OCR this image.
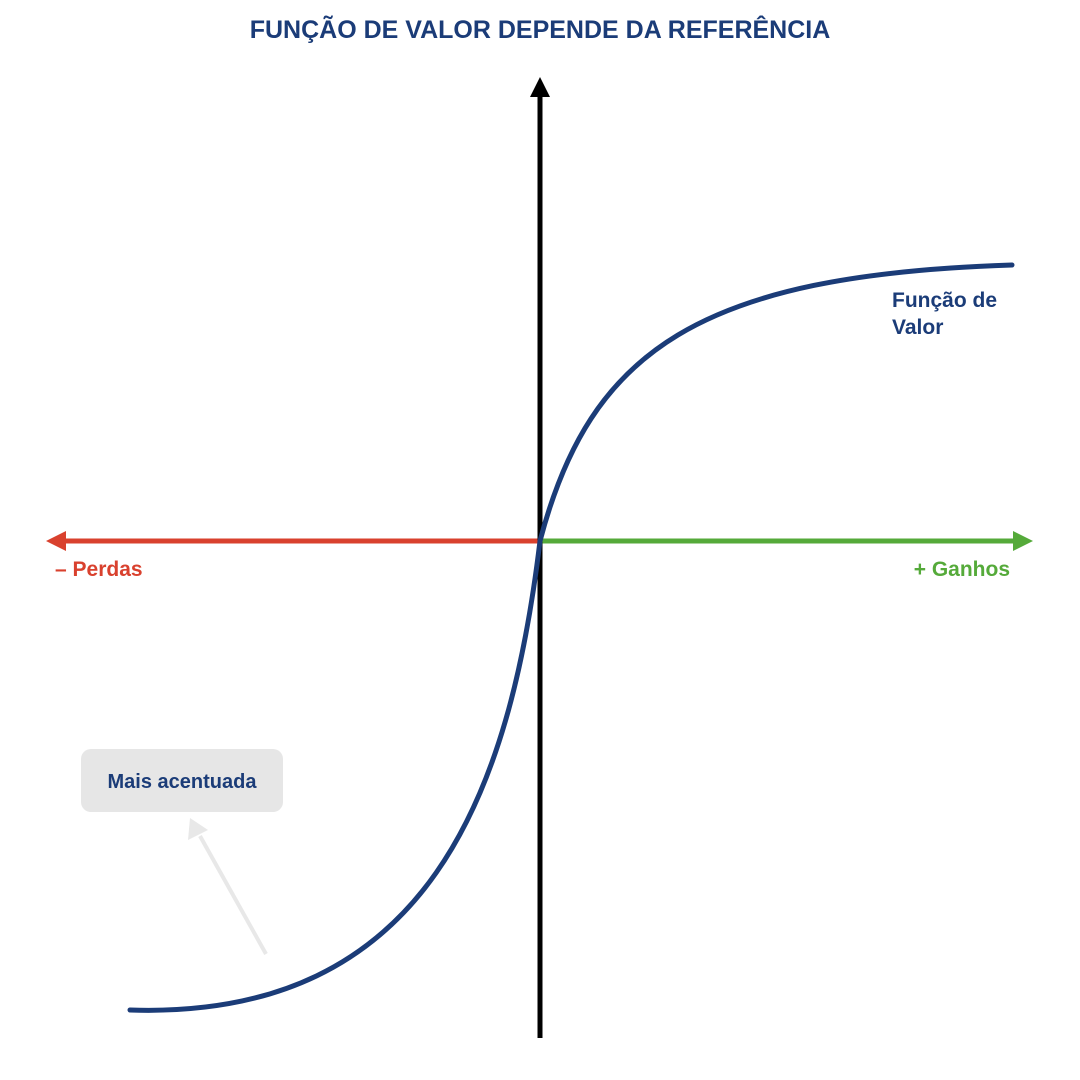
FUNÇÃO DE VALOR DEPENDE DA REFERÊNCIA
Função de Valor
– Perdas	+ Ganhos
Mais acentuada
